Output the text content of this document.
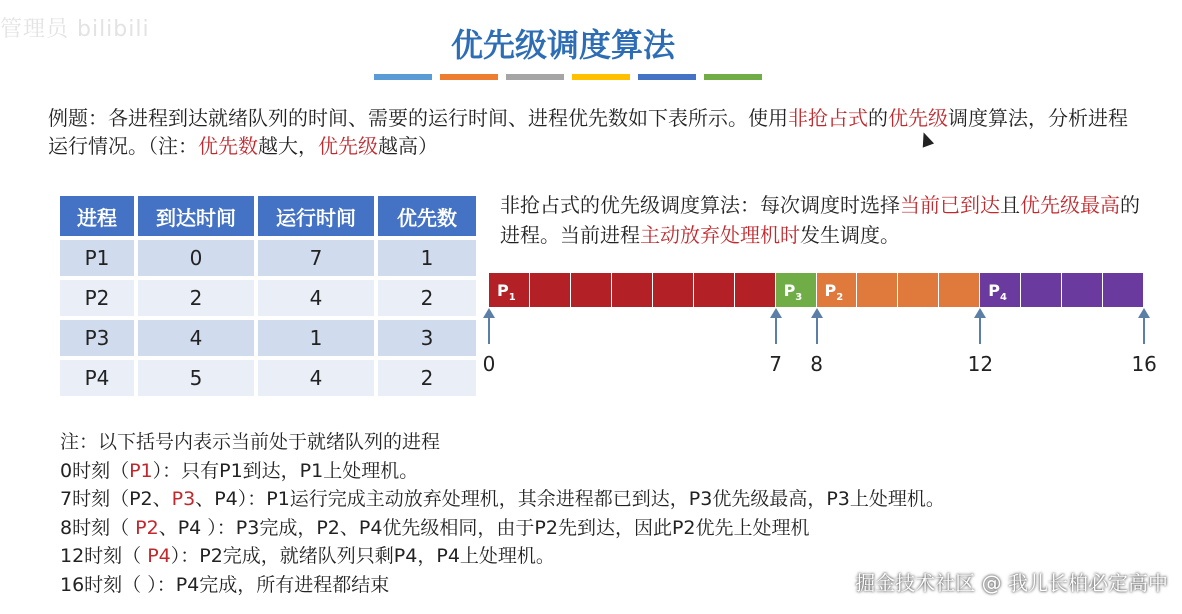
管理员 bilibili	优先级调度算法
例题：各进程到达就绪队列的时间、需要的运行时间、进程优先数如下表所示。使用非抢占式的优先级调度算法，分析进程运行情况。（注：优先数越大，优先级越高）
进程	到达时间	运行时间	优先数
P1	0	7	1
P2	2	4	2
P3	4	1	3
P4	5	4	2
非抢占式的优先级调度算法：每次调度时选择当前已到达且优先级最高的进程。当前进程主动放弃处理机时发生调度。
$P_1$	$P_3$ $P_2$	$P_4$
0	7	8	12	16
注：以下括号内表示当前处于就绪队列的进程
0时刻（P1）：只有P1到达，P1上处理机。
7时刻（P2、P3、P4）：P1运行完成主动放弃处理机，其余进程都已到达，P3优先级最高，P3上处理机。
8时刻（ P2、P4 ）：P3完成，P2、P4优先级相同，由于P2先到达，因此P2优先上处理机
12时刻（ P4）：P2完成，就绪队列只剩P4，P4上处理机。
16时刻（ ）：P4完成，所有进程都结束	掘金技术社区 @ 我儿长柏必定高中
